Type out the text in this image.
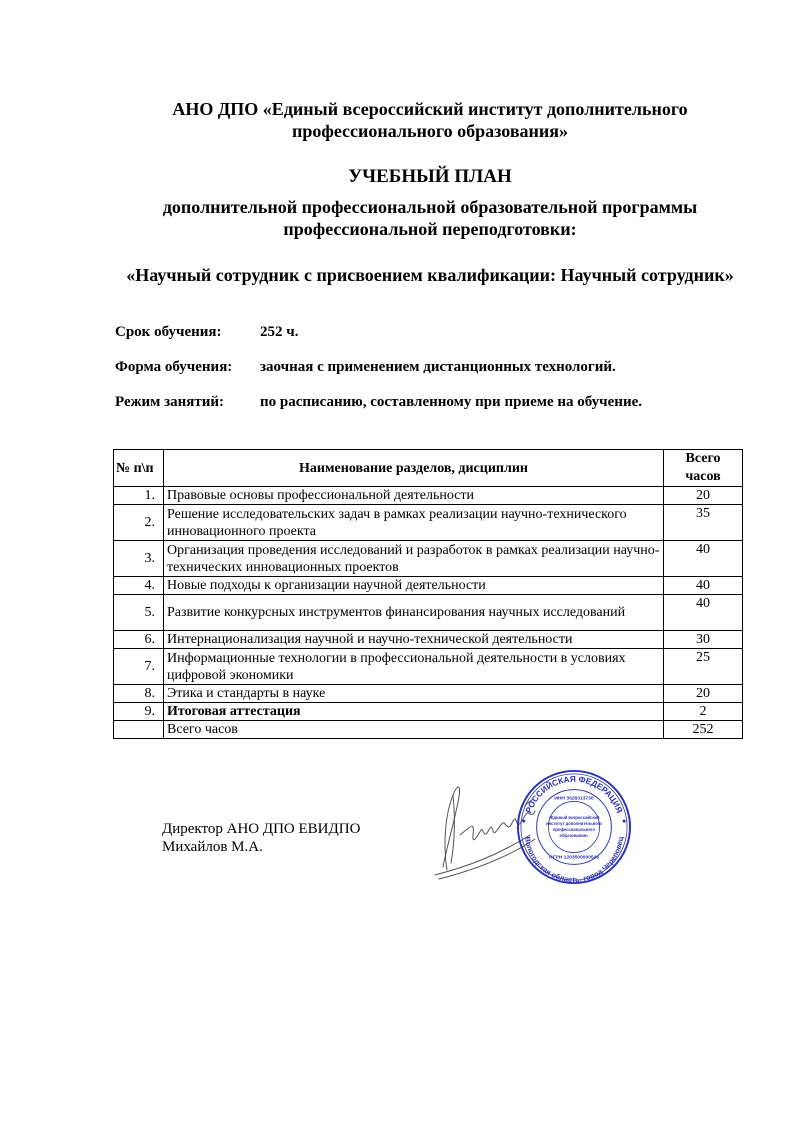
АНО ДПО «Единый всероссийский институт дополнительного профессионального образования»
УЧЕБНЫЙ ПЛАН
дополнительной профессиональной образовательной программы профессиональной переподготовки:
«Научный сотрудник с присвоением квалификации: Научный сотрудник»
Срок обучения:	252 ч.
Форма обучения: заочная с применением дистанционных технологий.
Режим занятий: по расписанию, составленному при приеме на обучение.
№ п\п	Наименование разделов, дисциплин	Всего
часов
1.	Правовые основы профессиональной деятельности	20
2.	Решение исследовательских задач в рамках реализации научно-технического инновационного проекта	35
3.	Организация проведения исследований и разработок в рамках реализации научно-технических инновационных проектов	40
4.	Новые подходы к организации научной деятельности	40
5.	Развитие конкурсных инструментов финансирования научных исследований	40
6.	Интернационализация научной и научно-технической деятельности	30
7.	Информационные технологии в профессиональной деятельности в условиях цифровой экономики	25
8.	Этика и стандарты в науке	20
9.	Итоговая аттестация	2
	Всего часов	252
Директор АНО ДПО ЕВИДПО
Михайлов М.А.
РОССИЙСКАЯ ФЕДЕРАЦИЯ
Вологодская область, город Череповец
ИНН 3528313730
«Единый всероссийский
институт дополнительного
профессионального
образования»
ОГРН 1203500000546
